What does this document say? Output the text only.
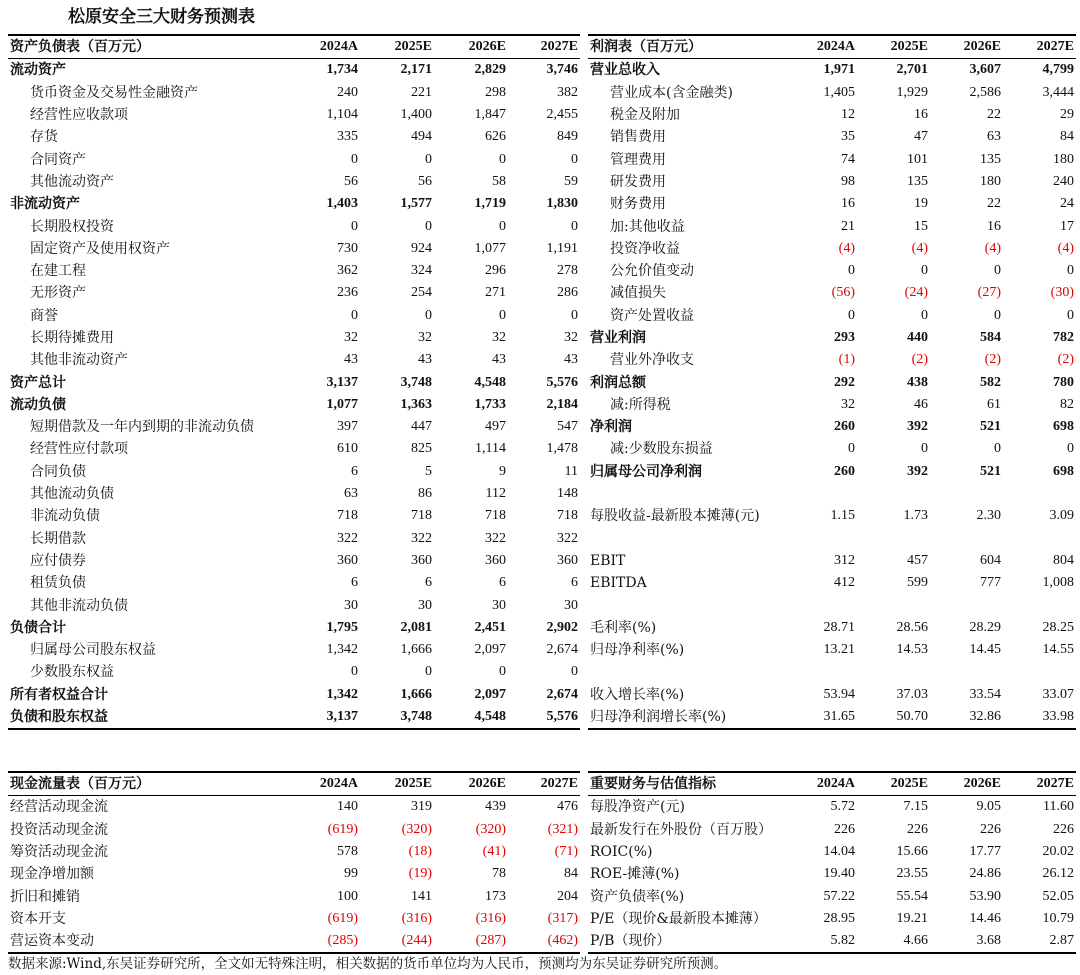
松原安全三大财务预测表
资产负债表（百万元）	2024A	2025E	2026E	2027E
流动资产	1,734	2,171	2,829	3,746
货币资金及交易性金融资产	240	221	298	382
经营性应收款项	1,104	1,400	1,847	2,455
存货	335	494	626	849
合同资产	0	0	0	0
其他流动资产	56	56	58	59
非流动资产	1,403	1,577	1,719	1,830
长期股权投资	0	0	0	0
固定资产及使用权资产	730	924	1,077	1,191
在建工程	362	324	296	278
无形资产	236	254	271	286
商誉	0	0	0	0
长期待摊费用	32	32	32	32
其他非流动资产	43	43	43	43
资产总计	3,137	3,748	4,548	5,576
流动负债	1,077	1,363	1,733	2,184
短期借款及一年内到期的非流动负债	397	447	497	547
经营性应付款项	610	825	1,114	1,478
合同负债	6	5	9	11
其他流动负债	63	86	112	148
非流动负债	718	718	718	718
长期借款	322	322	322	322
应付债券	360	360	360	360
租赁负债	6	6	6	6
其他非流动负债	30	30	30	30
负债合计	1,795	2,081	2,451	2,902
归属母公司股东权益	1,342	1,666	2,097	2,674
少数股东权益	0	0	0	0
所有者权益合计	1,342	1,666	2,097	2,674
负债和股东权益	3,137	3,748	4,548	5,576
利润表（百万元）	2024A	2025E	2026E	2027E
营业总收入	1,971	2,701	3,607	4,799
营业成本(含金融类)	1,405	1,929	2,586	3,444
税金及附加	12	16	22	29
销售费用	35	47	63	84
管理费用	74	101	135	180
研发费用	98	135	180	240
财务费用	16	19	22	24
加:其他收益	21	15	16	17
投资净收益	(4)	(4)	(4)	(4)
公允价值变动	0	0	0	0
减值损失	(56)	(24)	(27)	(30)
资产处置收益	0	0	0	0
营业利润	293	440	584	782
营业外净收支	(1)	(2)	(2)	(2)
利润总额	292	438	582	780
减:所得税	32	46	61	82
净利润	260	392	521	698
减:少数股东损益	0	0	0	0
归属母公司净利润	260	392	521	698

每股收益-最新股本摊薄(元)	1.15	1.73	2.30	3.09

EBIT	312	457	604	804
EBITDA	412	599	777	1,008

毛利率(%)	28.71	28.56	28.29	28.25
归母净利率(%)	13.21	14.53	14.45	14.55

收入增长率(%)	53.94	37.03	33.54	33.07
归母净利润增长率(%)	31.65	50.70	32.86	33.98
现金流量表（百万元）	2024A	2025E	2026E	2027E
经营活动现金流	140	319	439	476
投资活动现金流	(619)	(320)	(320)	(321)
筹资活动现金流	578	(18)	(41)	(71)
现金净增加额	99	(19)	78	84
折旧和摊销	100	141	173	204
资本开支	(619)	(316)	(316)	(317)
营运资本变动	(285)	(244)	(287)	(462)
重要财务与估值指标	2024A	2025E	2026E	2027E
每股净资产(元)	5.72	7.15	9.05	11.60
最新发行在外股份（百万股）	226	226	226	226
ROIC(%)	14.04	15.66	17.77	20.02
ROE-摊薄(%)	19.40	23.55	24.86	26.12
资产负债率(%)	57.22	55.54	53.90	52.05
P/E（现价&最新股本摊薄）	28.95	19.21	14.46	10.79
P/B（现价）	5.82	4.66	3.68	2.87
数据来源:Wind,东吴证券研究所，全文如无特殊注明，相关数据的货币单位均为人民币，预测均为东吴证券研究所预测。
